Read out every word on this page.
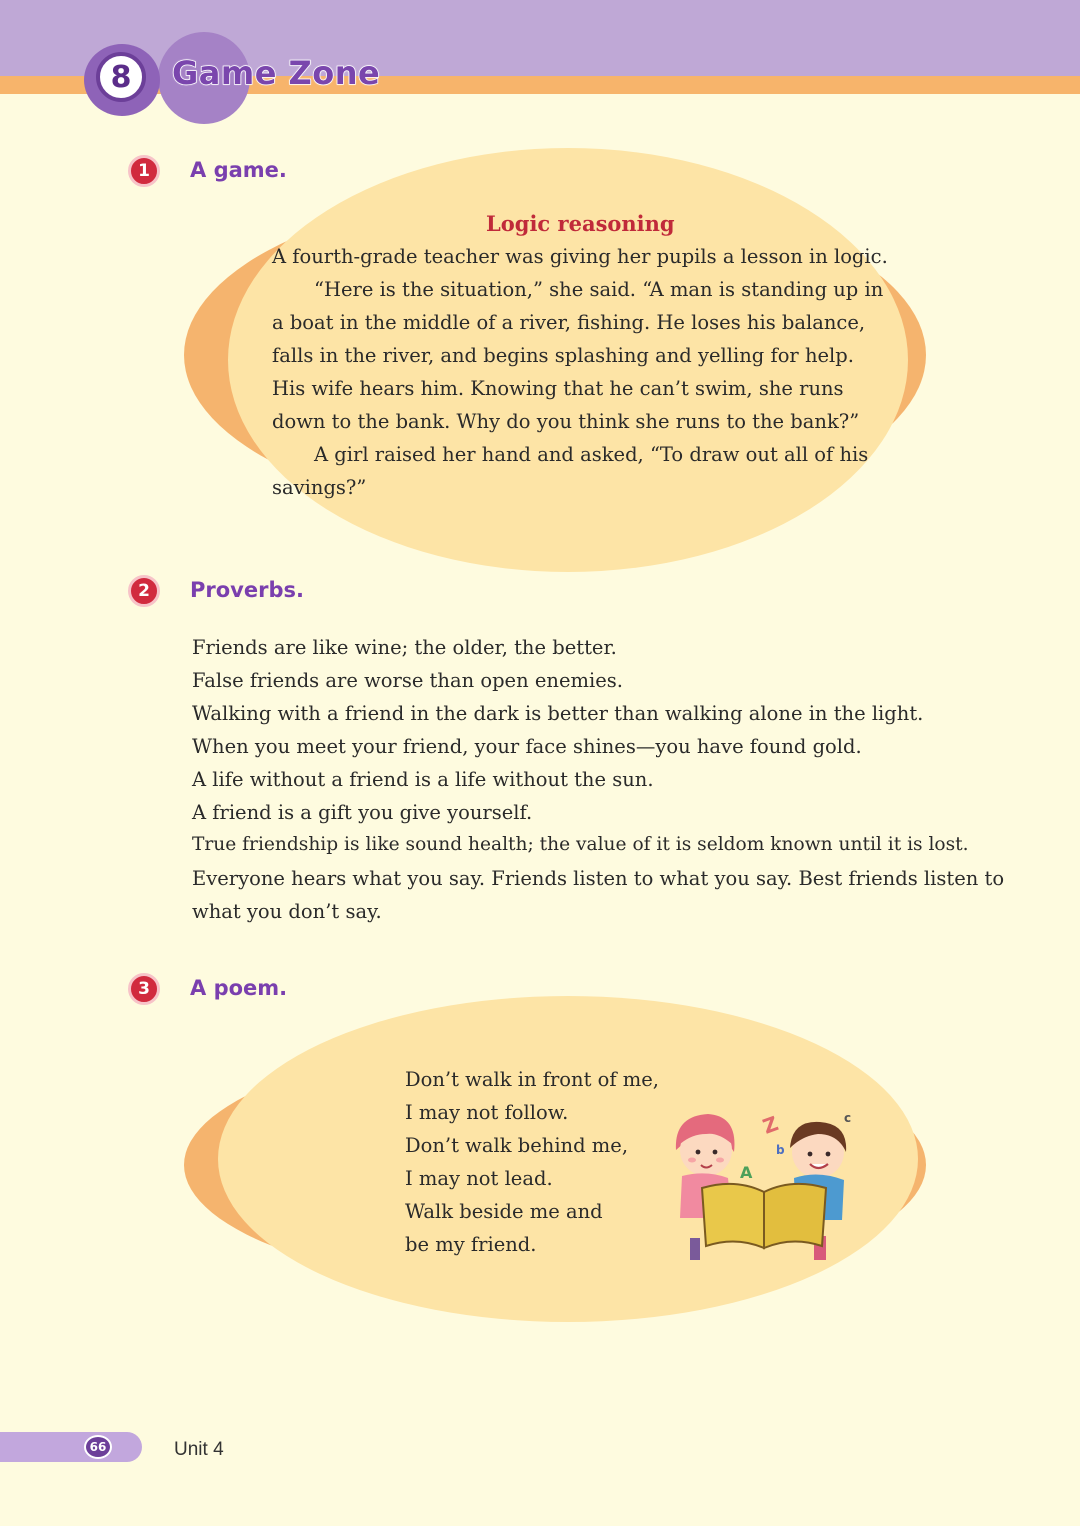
8	Game Zone
1	A game.
Logic reasoning
A fourth-grade teacher was giving her pupils a lesson in logic.
“Here is the situation,” she said. “A man is standing up in
a boat in the middle of a river, fishing. He loses his balance,
falls in the river, and begins splashing and yelling for help.
His wife hears him. Knowing that he can’t swim, she runs
down to the bank. Why do you think she runs to the bank?”
A girl raised her hand and asked, “To draw out all of his
savings?”
2	Proverbs.
Friends are like wine; the older, the better.
False friends are worse than open enemies.
Walking with a friend in the dark is better than walking alone in the light.
When you meet your friend, your face shines—you have found gold.
A life without a friend is a life without the sun.
A friend is a gift you give yourself.
True friendship is like sound health; the value of it is seldom known until it is lost.
Everyone hears what you say. Friends listen to what you say. Best friends listen to
what you don’t say.
3	A poem.
Don’t walk in front of me,
I may not follow.
Don’t walk behind me,
I may not lead.
Walk beside me and
be my friend.
Z
b
c
A
66	Unit 4
